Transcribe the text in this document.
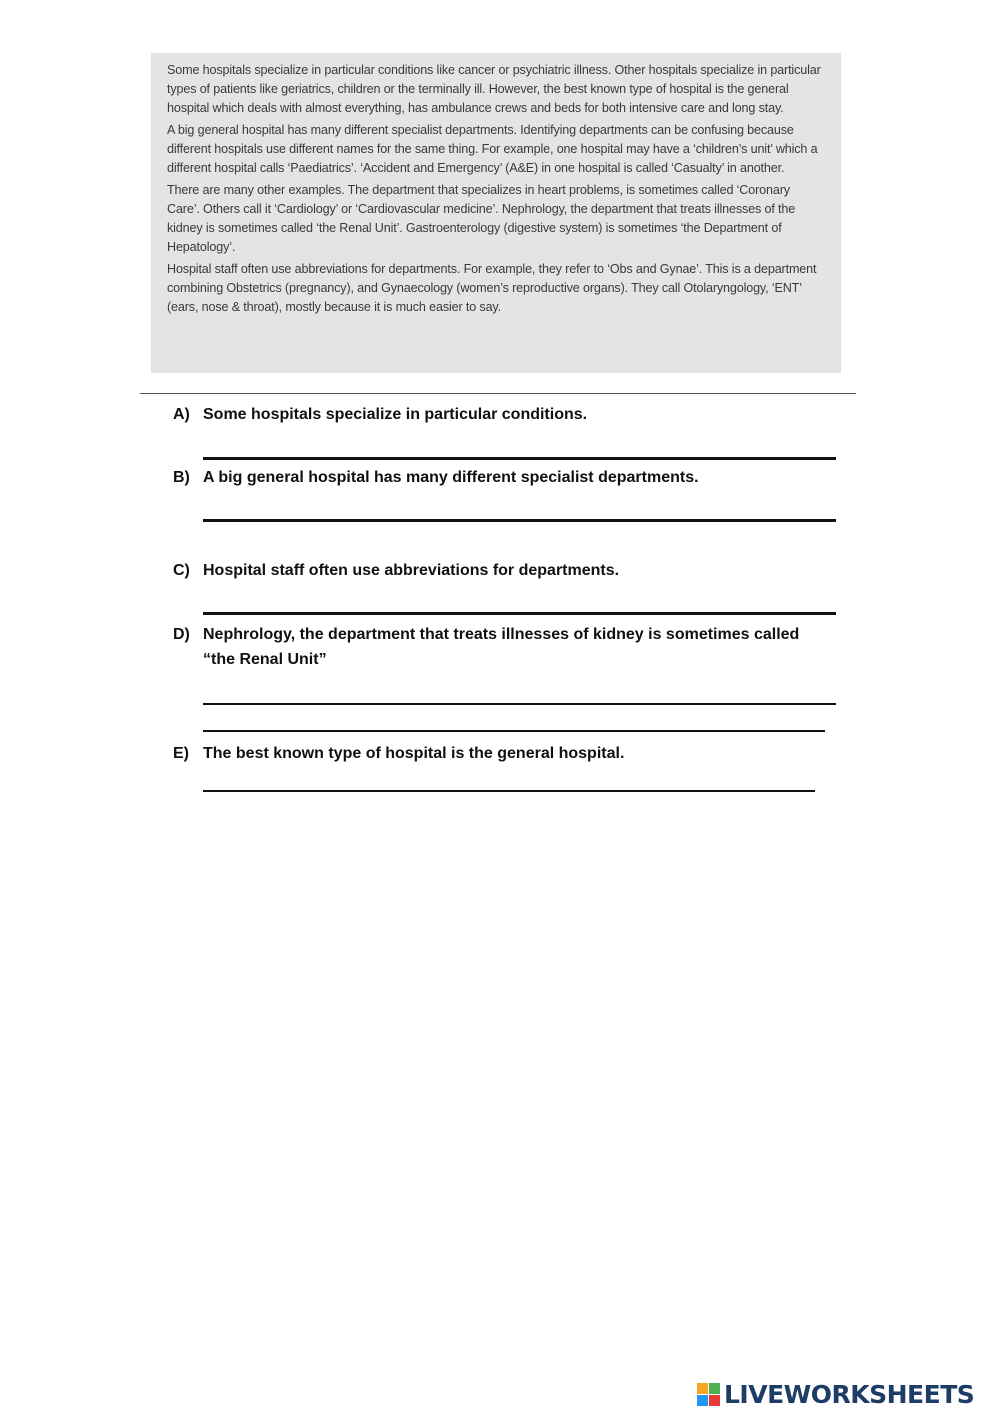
Some hospitals specialize in particular conditions like cancer or psychiatric illness. Other hospitals specialize in particular types of patients like geriatrics, children or the terminally ill. However, the best known type of hospital is the general hospital which deals with almost everything, has ambulance crews and beds for both intensive care and long stay.

A big general hospital has many different specialist departments. Identifying departments can be confusing because different hospitals use different names for the same thing. For example, one hospital may have a ‘children’s unit’ which a different hospital calls ‘Paediatrics’. ‘Accident and Emergency’ (A&E) in one hospital is called ‘Casualty’ in another.

There are many other examples. The department that specializes in heart problems, is sometimes called ‘Coronary Care’. Others call it ‘Cardiology’ or ‘Cardiovascular medicine’. Nephrology, the department that treats illnesses of the kidney is sometimes called ‘the Renal Unit’. Gastroenterology (digestive system) is sometimes ‘the Department of Hepatology’.

Hospital staff often use abbreviations for departments. For example, they refer to ‘Obs and Gynae’. This is a department combining Obstetrics (pregnancy), and Gynaecology (women’s reproductive organs). They call Otolaryngology, ‘ENT’ (ears, nose & throat), mostly because it is much easier to say.

A) Some hospitals specialize in particular conditions.
B) A big general hospital has many different specialist departments.
C) Hospital staff often use abbreviations for departments.
D) Nephrology, the department that treats illnesses of kidney is sometimes called “the Renal Unit”
E) The best known type of hospital is the general hospital.
LIVEWORKSHEETS
